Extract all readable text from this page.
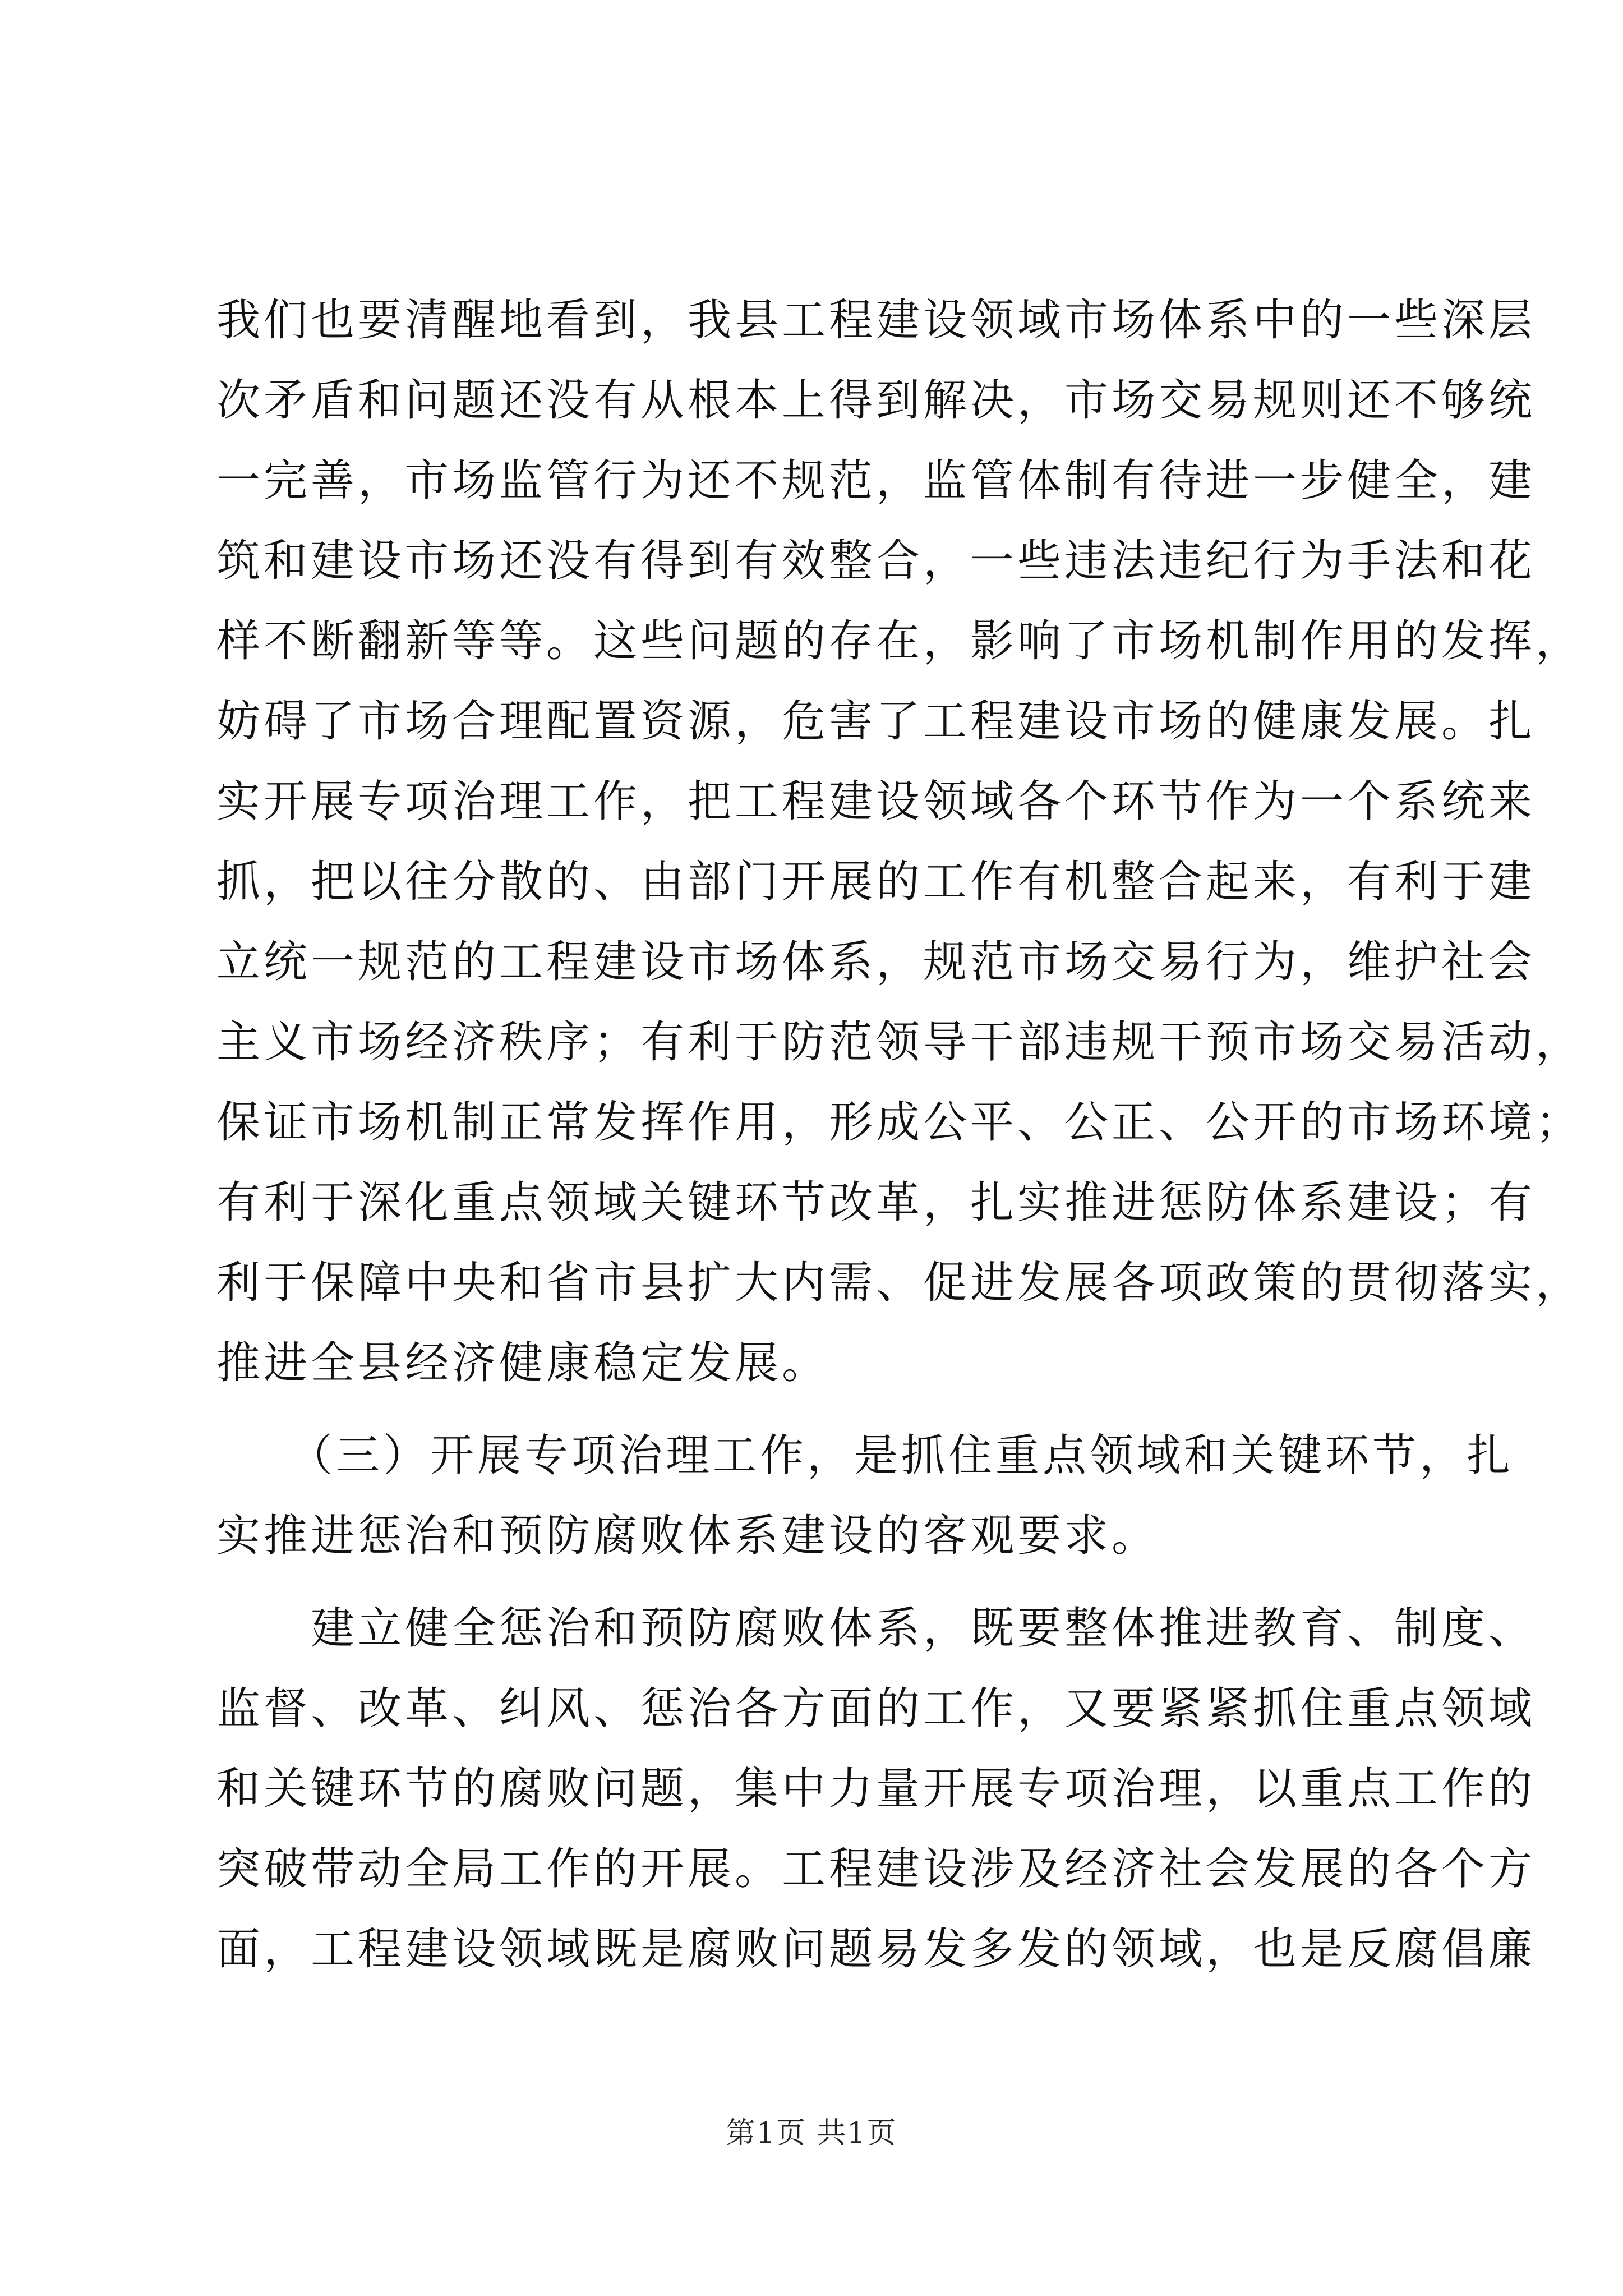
我们也要清醒地看到，我县工程建设领域市场体系中的一些深层
次矛盾和问题还没有从根本上得到解决，市场交易规则还不够统
一完善，市场监管行为还不规范，监管体制有待进一步健全，建
筑和建设市场还没有得到有效整合，一些违法违纪行为手法和花
样不断翻新等等。这些问题的存在，影响了市场机制作用的发挥，
妨碍了市场合理配置资源，危害了工程建设市场的健康发展。扎
实开展专项治理工作，把工程建设领域各个环节作为一个系统来
抓，把以往分散的、由部门开展的工作有机整合起来，有利于建
立统一规范的工程建设市场体系，规范市场交易行为，维护社会
主义市场经济秩序；有利于防范领导干部违规干预市场交易活动，
保证市场机制正常发挥作用，形成公平、公正、公开的市场环境；
有利于深化重点领域关键环节改革，扎实推进惩防体系建设；有
利于保障中央和省市县扩大内需、促进发展各项政策的贯彻落实，
推进全县经济健康稳定发展。
　　（三）开展专项治理工作，是抓住重点领域和关键环节，扎
实推进惩治和预防腐败体系建设的客观要求。
　　建立健全惩治和预防腐败体系，既要整体推进教育、制度、
监督、改革、纠风、惩治各方面的工作，又要紧紧抓住重点领域
和关键环节的腐败问题，集中力量开展专项治理，以重点工作的
突破带动全局工作的开展。工程建设涉及经济社会发展的各个方
面，工程建设领域既是腐败问题易发多发的领域，也是反腐倡廉
第1页 共1页
